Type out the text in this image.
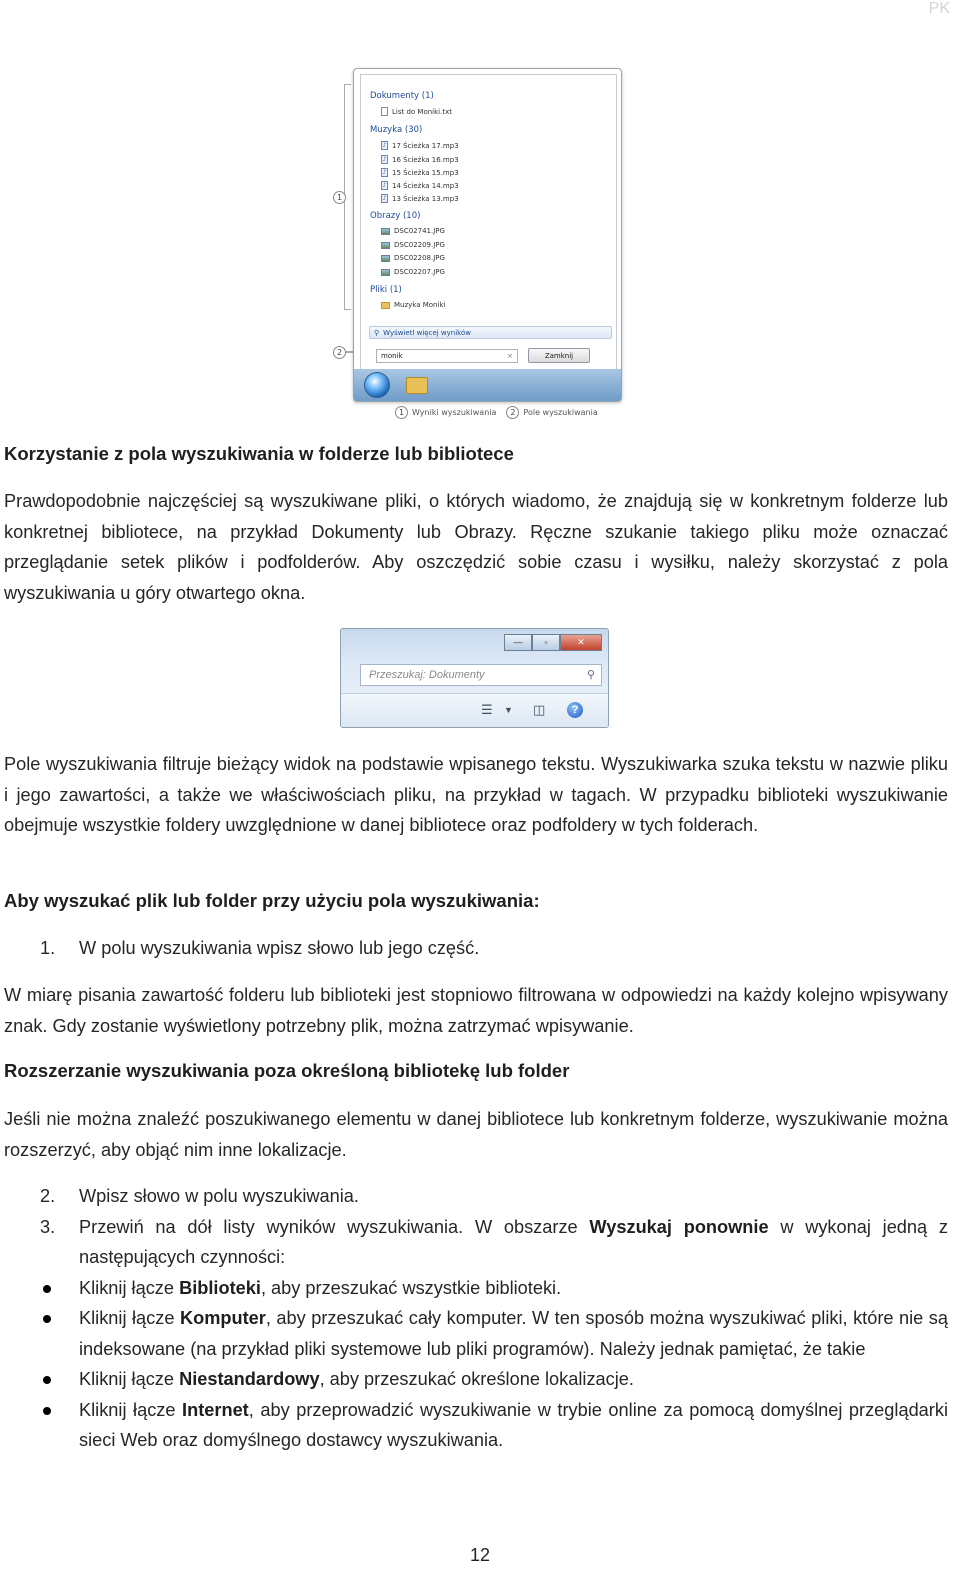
PK
1
2
Dokumenty (1)
List do Moniki.txt
Muzyka (30)
♪ 17 Ścieżka 17.mp3
♪ 16 Ścieżka 16.mp3
♪ 15 Ścieżka 15.mp3
♪ 14 Ścieżka 14.mp3
♪ 13 Ścieżka 13.mp3
Obrazy (10)
DSC02741.JPG
DSC02209.JPG
DSC02208.JPG
DSC02207.JPG
Pliki (1)
Muzyka Moniki
⚲ Wyświetl więcej wyników
monik	×	Zamknij
1 Wyniki wyszukiwania	2 Pole wyszukiwania
Korzystanie z pola wyszukiwania w folderze lub bibliotece
Prawdopodobnie najczęściej są wyszukiwane pliki, o których wiadomo, że znajdują się w konkretnym folderze lub konkretnej bibliotece, na przykład Dokumenty lub Obrazy. Ręczne szukanie takiego pliku może oznaczać przeglądanie setek plików i podfolderów. Aby oszczędzić sobie czasu i wysiłku, należy skorzystać z pola wyszukiwania u góry otwartego okna.
—	▫	✕
Przeszukaj: Dokumenty	⚲
☰ ▼ ◫	?
Pole wyszukiwania filtruje bieżący widok na podstawie wpisanego tekstu. Wyszukiwarka szuka tekstu w nazwie pliku i jego zawartości, a także we właściwościach pliku, na przykład w tagach. W przypadku biblioteki wyszukiwanie obejmuje wszystkie foldery uwzględnione w danej bibliotece oraz podfoldery w tych folderach.
Aby wyszukać plik lub folder przy użyciu pola wyszukiwania:
1. W polu wyszukiwania wpisz słowo lub jego część.
W miarę pisania zawartość folderu lub biblioteki jest stopniowo filtrowana w odpowiedzi na każdy kolejno wpisywany znak. Gdy zostanie wyświetlony potrzebny plik, można zatrzymać wpisywanie.
Rozszerzanie wyszukiwania poza określoną bibliotekę lub folder
Jeśli nie można znaleźć poszukiwanego elementu w danej bibliotece lub konkretnym folderze, wyszukiwanie można rozszerzyć, aby objąć nim inne lokalizacje.
2. Wpisz słowo w polu wyszukiwania.
3. Przewiń na dół listy wyników wyszukiwania. W obszarze Wyszukaj ponownie w wykonaj jedną z następujących czynności:
Kliknij łącze Biblioteki, aby przeszukać wszystkie biblioteki.
Kliknij łącze Komputer, aby przeszukać cały komputer. W ten sposób można wyszukiwać pliki, które nie są indeksowane (na przykład pliki systemowe lub pliki programów). Należy jednak pamiętać, że takie
Kliknij łącze Niestandardowy, aby przeszukać określone lokalizacje.
Kliknij łącze Internet, aby przeprowadzić wyszukiwanie w trybie online za pomocą domyślnej przeglądarki sieci Web oraz domyślnego dostawcy wyszukiwania.
12
